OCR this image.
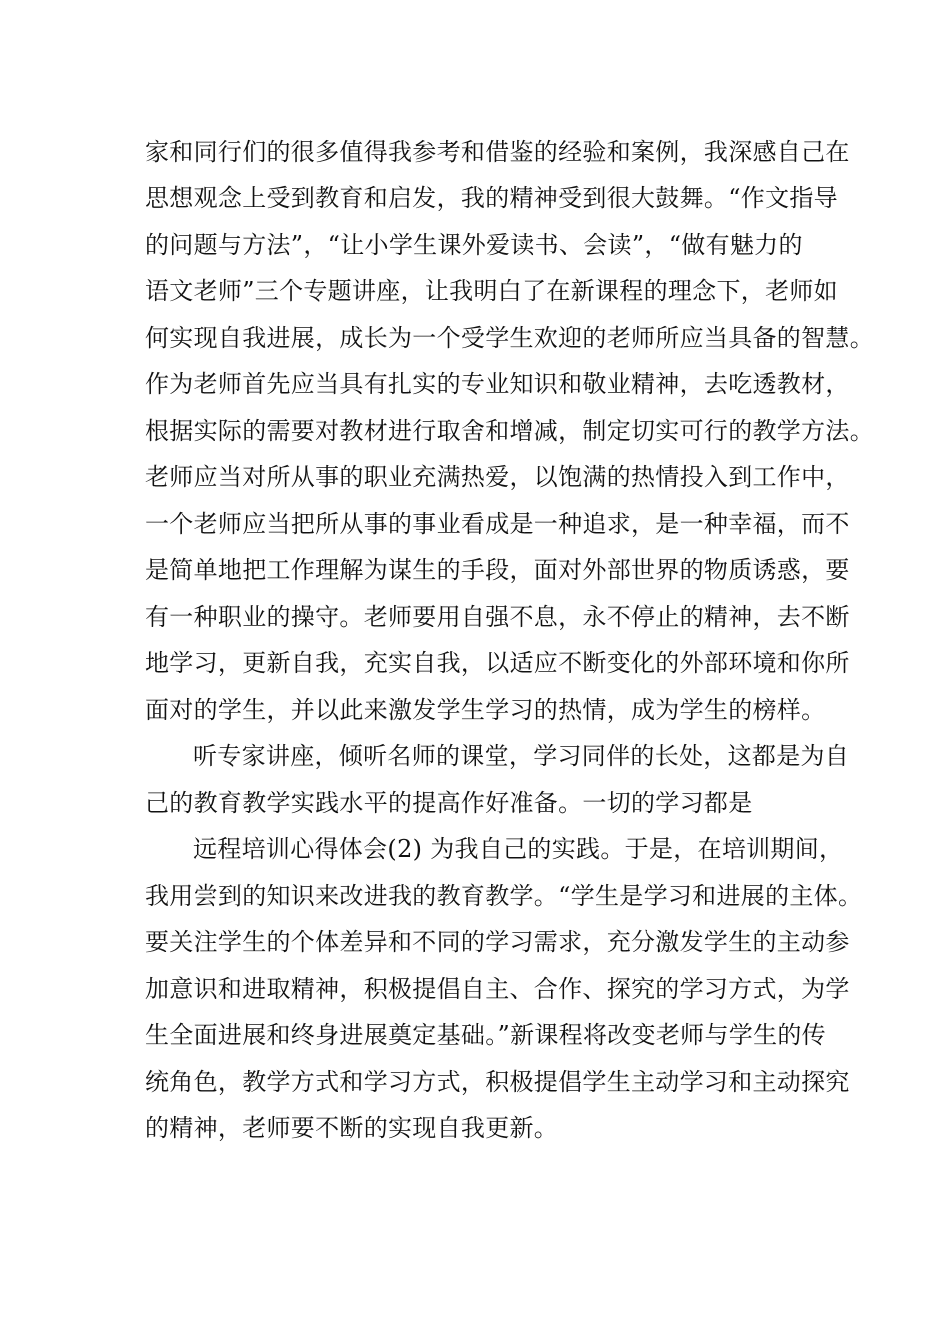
家和同行们的很多值得我参考和借鉴的经验和案例，我深感自己在
思想观念上受到教育和启发，我的精神受到很大鼓舞。“作文指导
的问题与方法”，“让小学生课外爱读书、会读”，“做有魅力的
语文老师”三个专题讲座，让我明白了在新课程的理念下，老师如
何实现自我进展，成长为一个受学生欢迎的老师所应当具备的智慧。
作为老师首先应当具有扎实的专业知识和敬业精神，去吃透教材，
根据实际的需要对教材进行取舍和增减，制定切实可行的教学方法。
老师应当对所从事的职业充满热爱，以饱满的热情投入到工作中，
一个老师应当把所从事的事业看成是一种追求，是一种幸福，而不
是简单地把工作理解为谋生的手段，面对外部世界的物质诱惑，要
有一种职业的操守。老师要用自强不息，永不停止的精神，去不断
地学习，更新自我，充实自我，以适应不断变化的外部环境和你所
面对的学生，并以此来激发学生学习的热情，成为学生的榜样。
听专家讲座，倾听名师的课堂，学习同伴的长处，这都是为自
己的教育教学实践水平的提高作好准备。一切的学习都是
远程培训心得体会(2) 为我自己的实践。于是，在培训期间，
我用尝到的知识来改进我的教育教学。“学生是学习和进展的主体。
要关注学生的个体差异和不同的学习需求，充分激发学生的主动参
加意识和进取精神，积极提倡自主、合作、探究的学习方式，为学
生全面进展和终身进展奠定基础。”新课程将改变老师与学生的传
统角色，教学方式和学习方式，积极提倡学生主动学习和主动探究
的精神，老师要不断的实现自我更新。
